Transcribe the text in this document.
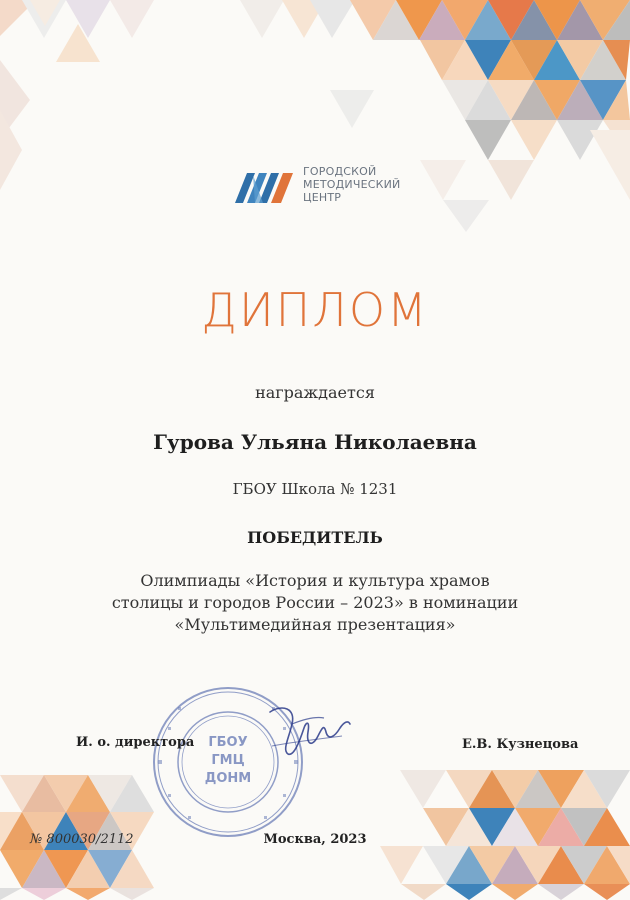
ГОРОДСКОЙ
МЕТОДИЧЕСКИЙ
ЦЕНТР
ДИПЛОМ
награждается
Гурова Ульяна Николаевна
ГБОУ Школа № 1231
ПОБЕДИТЕЛЬ
Олимпиады «История и культура храмов
столицы и городов России – 2023» в номинации
«Мультимедийная презентация»
ГБОУ
ГМЦ
ДОНМ
И. о. директора	Е.В. Кузнецова
№ 800030/2112	Москва, 2023
